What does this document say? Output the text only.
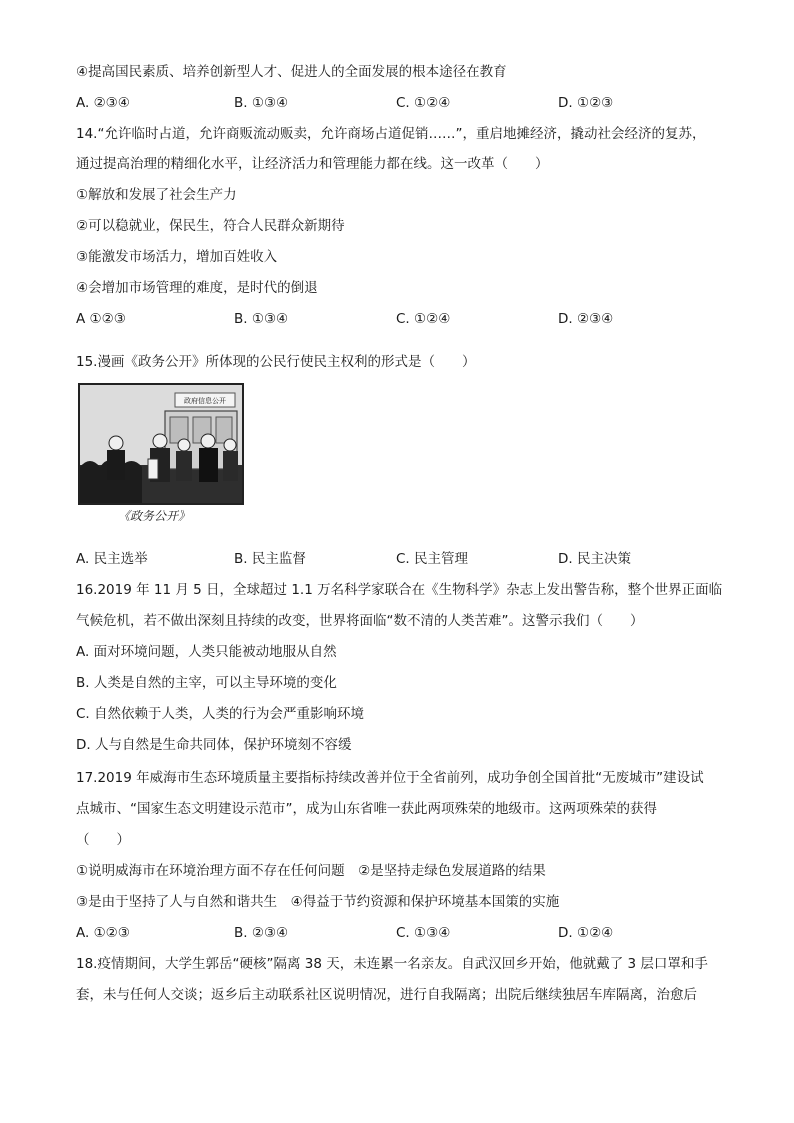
④提高国民素质、培养创新型人才、促进人的全面发展的根本途径在教育
A. ②③④	B. ①③④	C. ①②④	D. ①②③
14.“允许临时占道，允许商贩流动贩卖，允许商场占道促销……”，重启地摊经济，撬动社会经济的复苏，
通过提高治理的精细化水平，让经济活力和管理能力都在线。这一改革（　　）
①解放和发展了社会生产力
②可以稳就业，保民生，符合人民群众新期待
③能激发市场活力，增加百姓收入
④会增加市场管理的难度，是时代的倒退
A ①②③	B. ①③④	C. ①②④	D. ②③④
15.漫画《政务公开》所体现的公民行使民主权利的形式是（　　）
政府信息公开
《政务公开》
A. 民主选举	B. 民主监督	C. 民主管理	D. 民主决策
16.2019 年 11 月 5 日，全球超过 1.1 万名科学家联合在《生物科学》杂志上发出警告称，整个世界正面临
气候危机，若不做出深刻且持续的改变，世界将面临“数不清的人类苦难”。这警示我们（　　）
A. 面对环境问题，人类只能被动地服从自然
B. 人类是自然的主宰，可以主导环境的变化
C. 自然依赖于人类，人类的行为会严重影响环境
D. 人与自然是生命共同体，保护环境刻不容缓
17.2019 年威海市生态环境质量主要指标持续改善并位于全省前列，成功争创全国首批“无废城市”建设试
点城市、“国家生态文明建设示范市”，成为山东省唯一获此两项殊荣的地级市。这两项殊荣的获得
（　　）
①说明威海市在环境治理方面不存在任何问题　②是坚持走绿色发展道路的结果
③是由于坚持了人与自然和谐共生　④得益于节约资源和保护环境基本国策的实施
A. ①②③	B. ②③④	C. ①③④	D. ①②④
18.疫情期间，大学生郭岳“硬核”隔离 38 天，未连累一名亲友。自武汉回乡开始，他就戴了 3 层口罩和手
套，未与任何人交谈；返乡后主动联系社区说明情况，进行自我隔离；出院后继续独居车库隔离，治愈后
